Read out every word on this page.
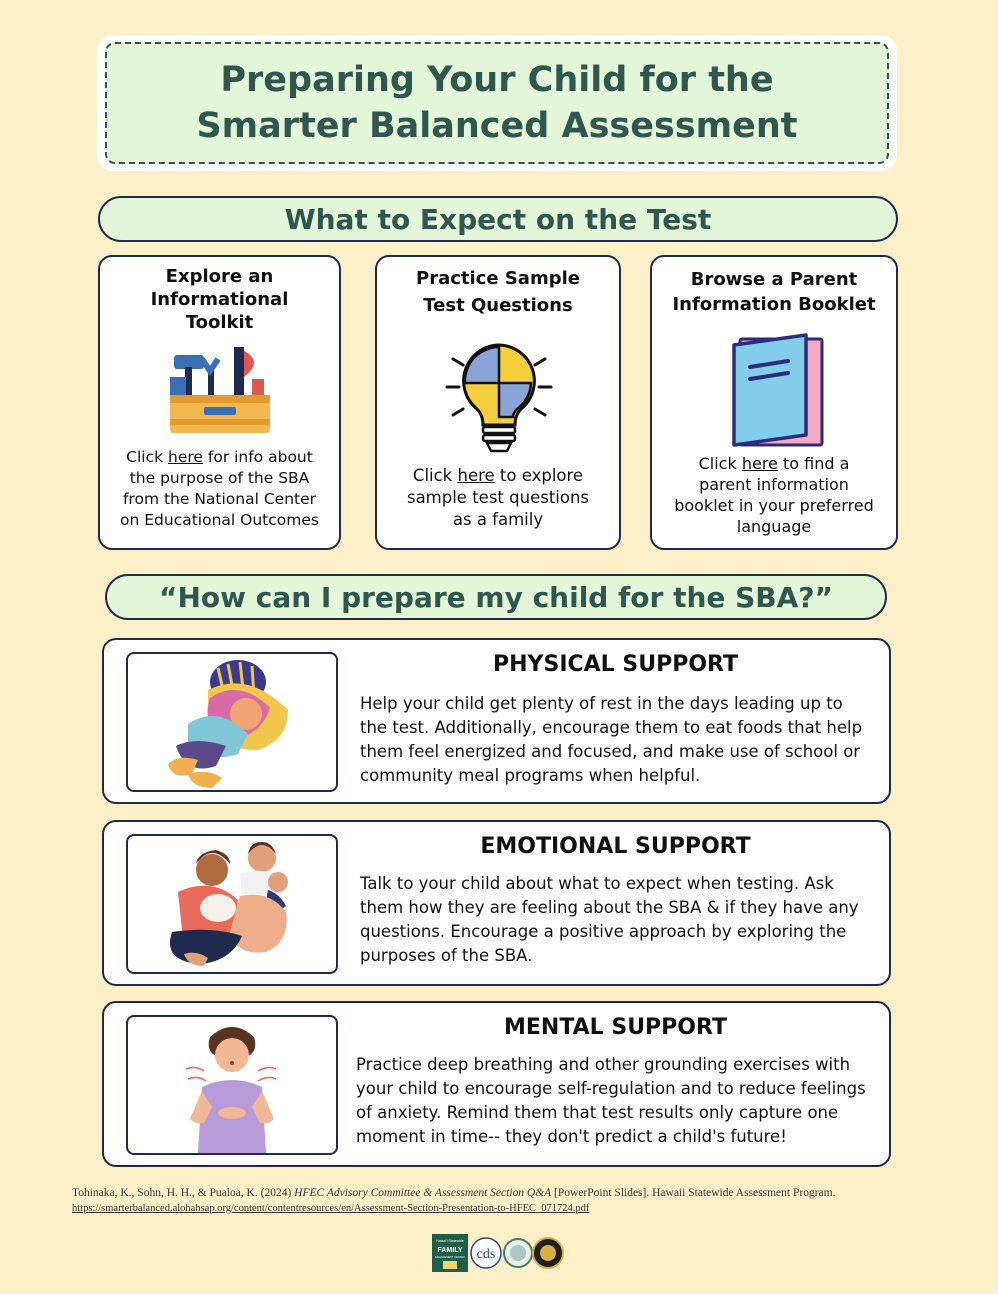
Preparing Your Child for the
Smarter Balanced Assessment
What to Expect on the Test
Explore an
Informational
Toolkit
Click here for info about
the purpose of the SBA
from the National Center
on Educational Outcomes
Practice Sample
Test Questions
Click here to explore
sample test questions
as a family
Browse a Parent
Information Booklet
Click here to find a
parent information
booklet in your preferred
language
“How can I prepare my child for the SBA?”
PHYSICAL SUPPORT
Help your child get plenty of rest in the days leading up to
the test. Additionally, encourage them to eat foods that help
them feel energized and focused, and make use of school or
community meal programs when helpful.
EMOTIONAL SUPPORT
Talk to your child about what to expect when testing. Ask
them how they are feeling about the SBA & if they have any
questions. Encourage a positive approach by exploring the
purposes of the SBA.
MENTAL SUPPORT
Practice deep breathing and other grounding exercises with
your child to encourage self-regulation and to reduce feelings
of anxiety. Remind them that test results only capture one
moment in time-- they don't predict a child's future!
Tohinaka, K., Sohn, H. H., & Pualoa, K. (2024) HFEC Advisory Committee & Assessment Section Q&A [PowerPoint Slides]. Hawaii Statewide Assessment Program.
https://smarterbalanced.alohahsap.org/content/contentresources/en/Assessment-Section-Presentation-to-HFEC_071724.pdf
Hawaiʻi Statewide
FAMILY
ENGAGEMENT CENTER cds
